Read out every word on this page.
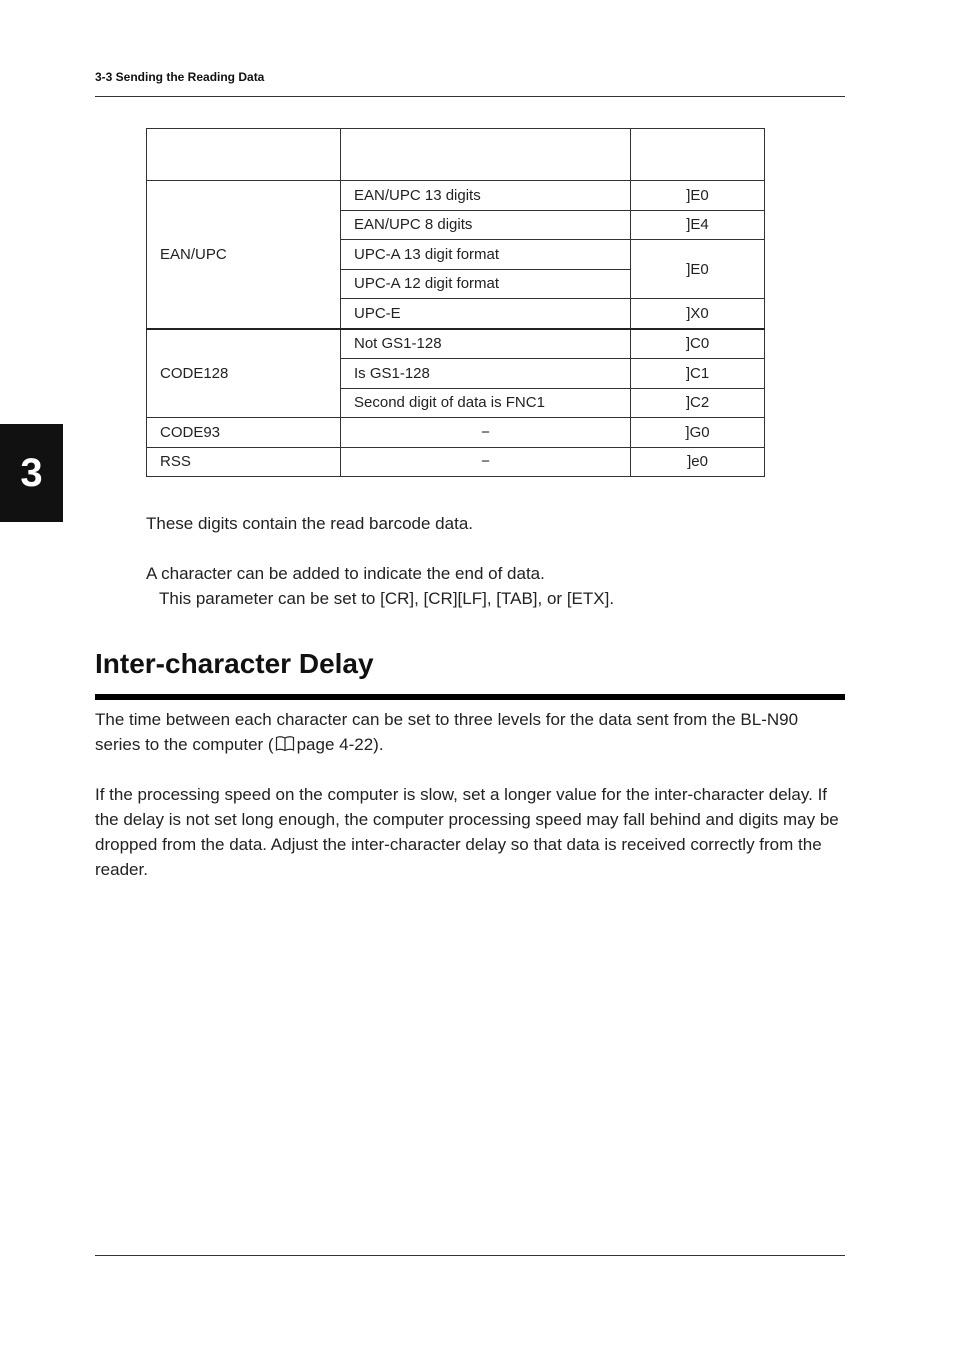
3-3 Sending the Reading Data
3

EAN/UPC	EAN/UPC 13 digits	]E0
	EAN/UPC 8 digits	]E4
	UPC-A 13 digit format	]E0
	UPC-A 12 digit format	
	UPC-E	]X0
CODE128	Not GS1-128	]C0
	Is GS1-128	]C1
	Second digit of data is FNC1	]C2
CODE93	−	]G0
RSS	−	]e0
These digits contain the read barcode data.
A character can be added to indicate the end of data.
This parameter can be set to [CR], [CR][LF], [TAB], or [ETX].
Inter-character Delay
The time between each character can be set to three levels for the data sent from the BL-N90 series to the computer ( page 4-22).
If the processing speed on the computer is slow, set a longer value for the inter-character delay. If the delay is not set long enough, the computer processing speed may fall behind and digits may be dropped from the data. Adjust the inter-character delay so that data is received correctly from the reader.
